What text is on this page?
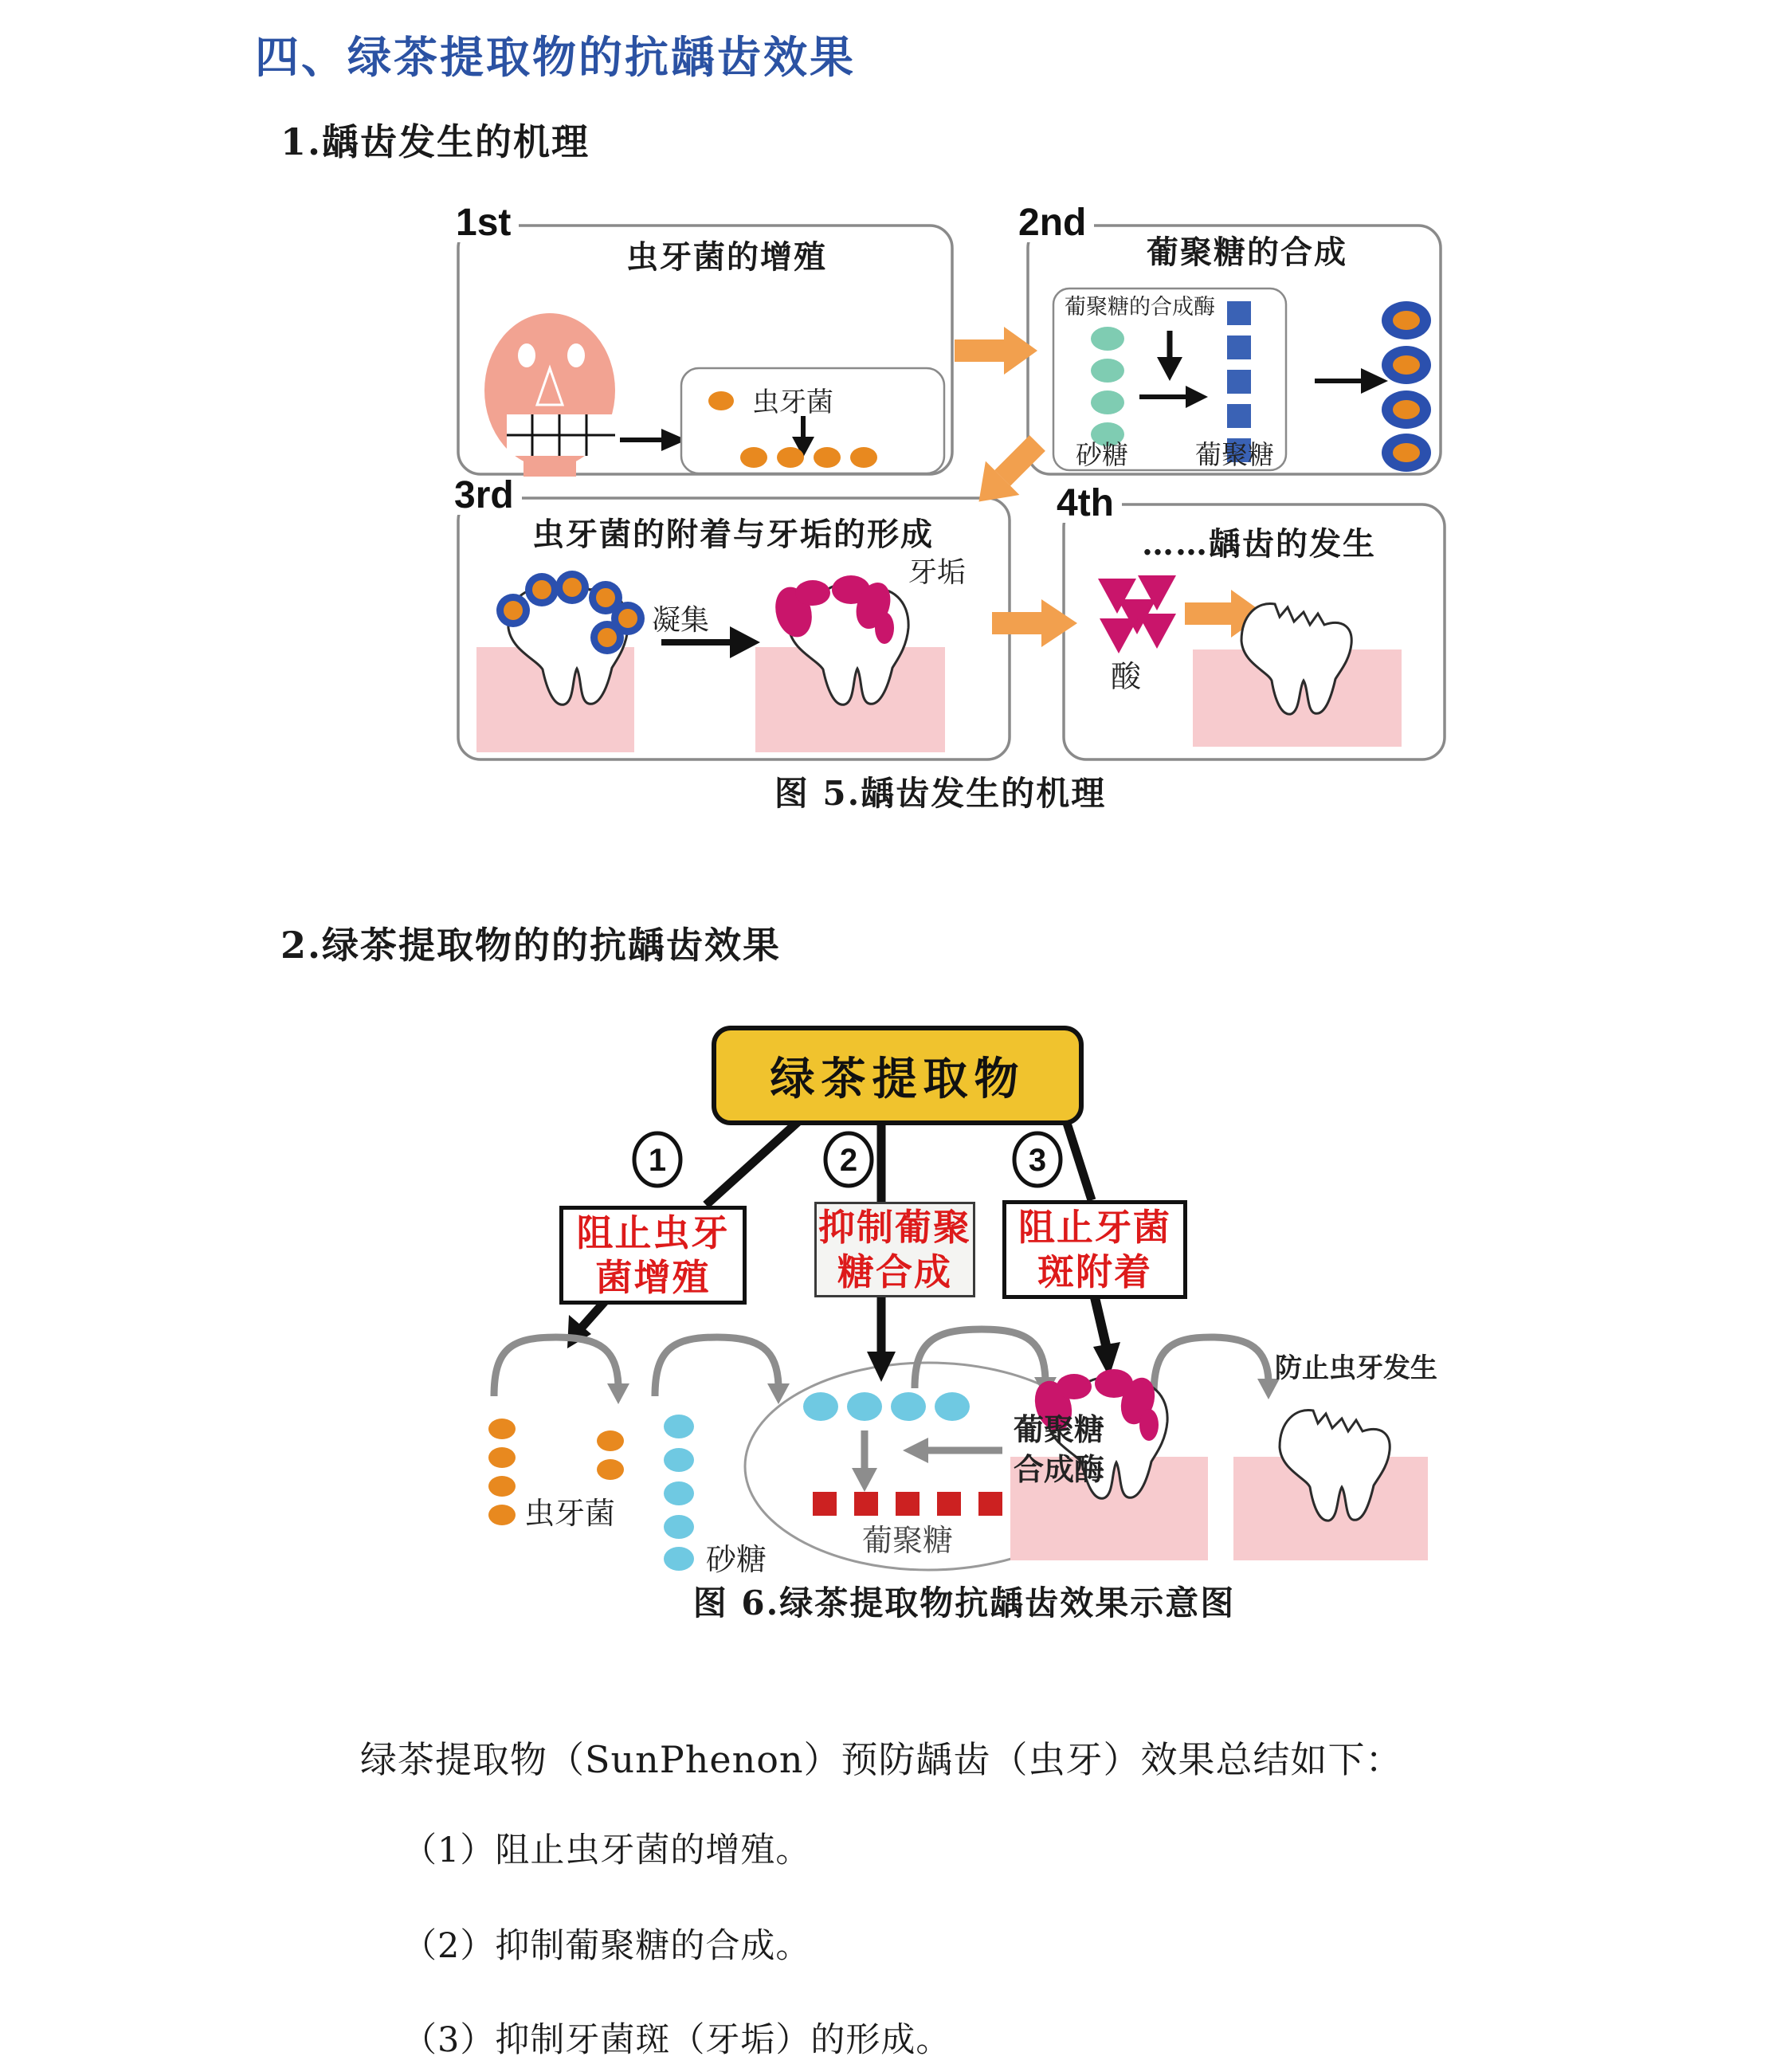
四、绿茶提取物的抗龋齿效果
1.龋齿发生的机理
1st	2nd
3rd	4th
虫牙菌的增殖	葡聚糖的合成
虫牙菌的附着与牙垢的形成	……龋齿的发生
虫牙菌
葡聚糖的合成酶
砂糖	葡聚糖
凝集
牙垢
酸
图 5.龋齿发生的机理
2.绿茶提取物的的抗龋齿效果
绿茶提取物
1	2	3
阻止虫牙
菌增殖
抑制葡聚
糖合成
阻止牙菌
斑附着
虫牙菌
砂糖
葡聚糖
合成酶
葡聚糖
防止虫牙发生
图 6.绿茶提取物抗龋齿效果示意图
绿茶提取物（SunPhenon）预防龋齿（虫牙）效果总结如下：
（1）阻止虫牙菌的增殖。
（2）抑制葡聚糖的合成。
（3）抑制牙菌斑（牙垢）的形成。
